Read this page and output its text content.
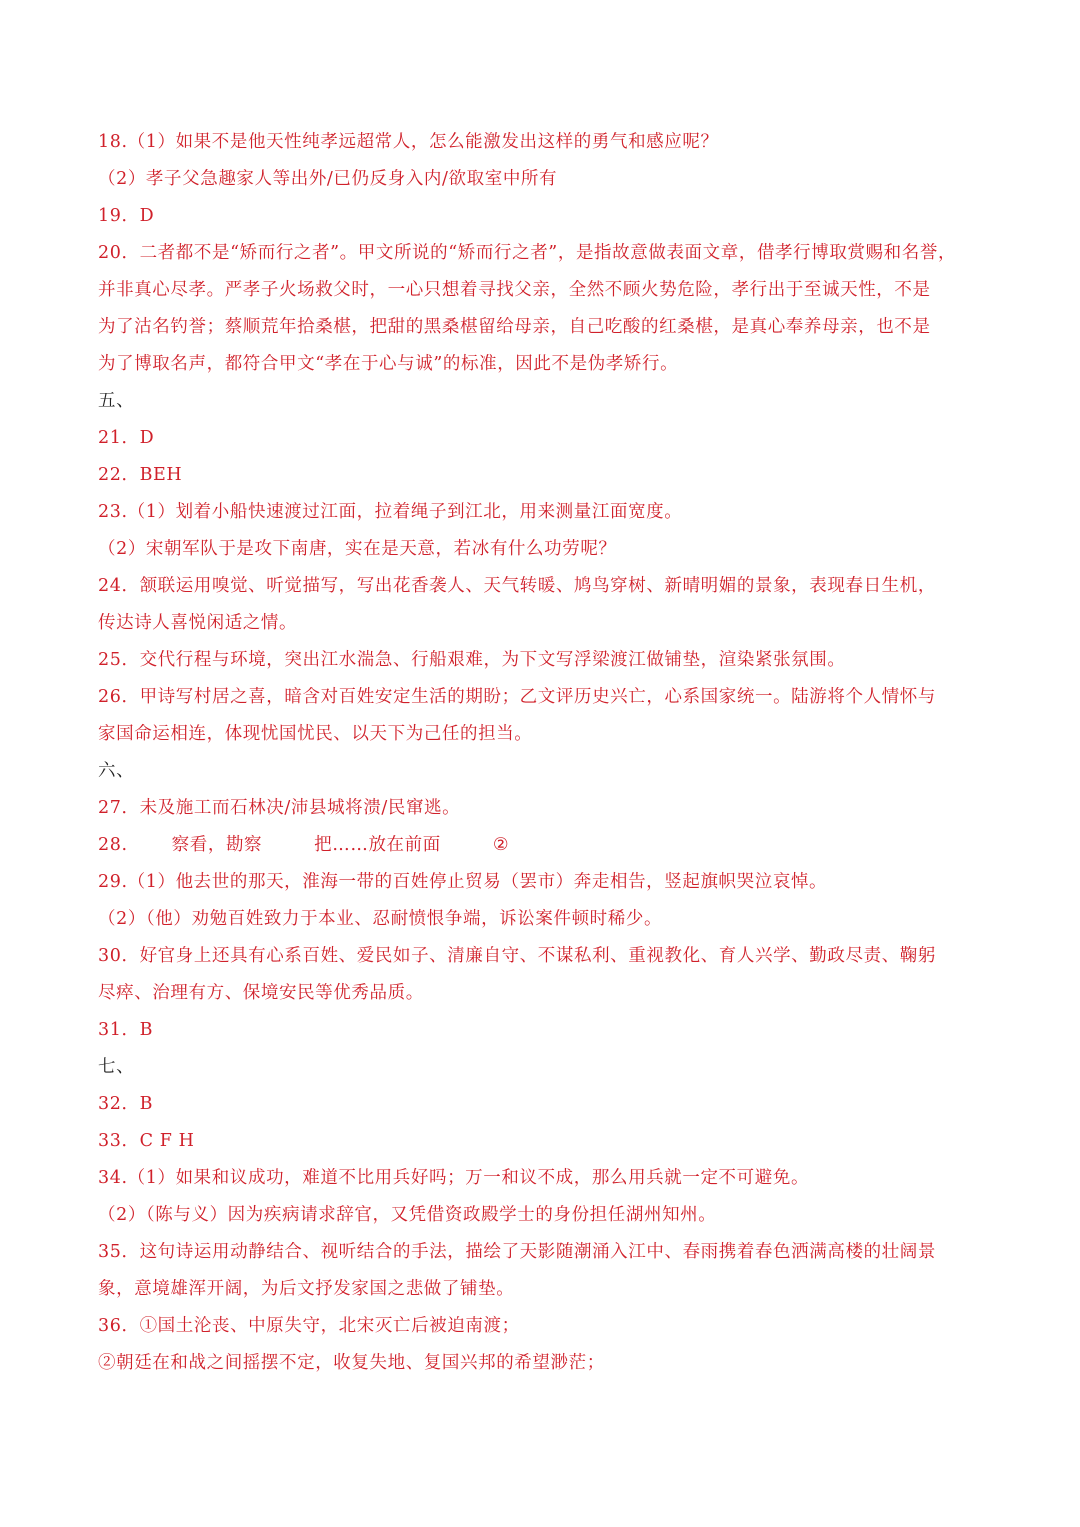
18.（1）如果不是他天性纯孝远超常人，怎么能激发出这样的勇气和感应呢？
（2）孝子父急趣家人等出外/已仍反身入内/欲取室中所有
19．D
20．二者都不是“矫而行之者”。甲文所说的“矫而行之者”，是指故意做表面文章，借孝行博取赏赐和名誉，
并非真心尽孝。严孝子火场救父时，一心只想着寻找父亲，全然不顾火势危险，孝行出于至诚天性，不是
为了沽名钓誉；蔡顺荒年拾桑椹，把甜的黑桑椹留给母亲，自己吃酸的红桑椹，是真心奉养母亲，也不是
为了博取名声，都符合甲文“孝在于心与诚”的标准，因此不是伪孝矫行。
五、
21．D
22．BEH
23.（1）划着小船快速渡过江面，拉着绳子到江北，用来测量江面宽度。
（2）宋朝军队于是攻下南唐，实在是天意，若冰有什么功劳呢？
24．颔联运用嗅觉、听觉描写，写出花香袭人、天气转暖、鸠鸟穿树、新晴明媚的景象，表现春日生机，
传达诗人喜悦闲适之情。
25．交代行程与环境，突出江水湍急、行船艰难，为下文写浮梁渡江做铺垫，渲染紧张氛围。
26．甲诗写村居之喜，暗含对百姓安定生活的期盼；乙文评历史兴亡，心系国家统一。陆游将个人情怀与
家国命运相连，体现忧国忧民、以天下为己任的担当。
六、
27．未及施工而石林决/沛县城将溃/民窜逃。
28.	察看，勘察	把……放在前面	②
29.（1）他去世的那天，淮海一带的百姓停止贸易（罢市）奔走相告，竖起旗帜哭泣哀悼。
（2）（他）劝勉百姓致力于本业、忍耐愤恨争端，诉讼案件顿时稀少。
30．好官身上还具有心系百姓、爱民如子、清廉自守、不谋私利、重视教化、育人兴学、勤政尽责、鞠躬
尽瘁、治理有方、保境安民等优秀品质。
31．B
七、
32．B
33．C F H
34.（1）如果和议成功，难道不比用兵好吗；万一和议不成，那么用兵就一定不可避免。
（2）（陈与义）因为疾病请求辞官，又凭借资政殿学士的身份担任湖州知州。
35．这句诗运用动静结合、视听结合的手法，描绘了天影随潮涌入江中、春雨携着春色洒满高楼的壮阔景
象，意境雄浑开阔，为后文抒发家国之悲做了铺垫。
36．①国土沦丧、中原失守，北宋灭亡后被迫南渡；
②朝廷在和战之间摇摆不定，收复失地、复国兴邦的希望渺茫；
